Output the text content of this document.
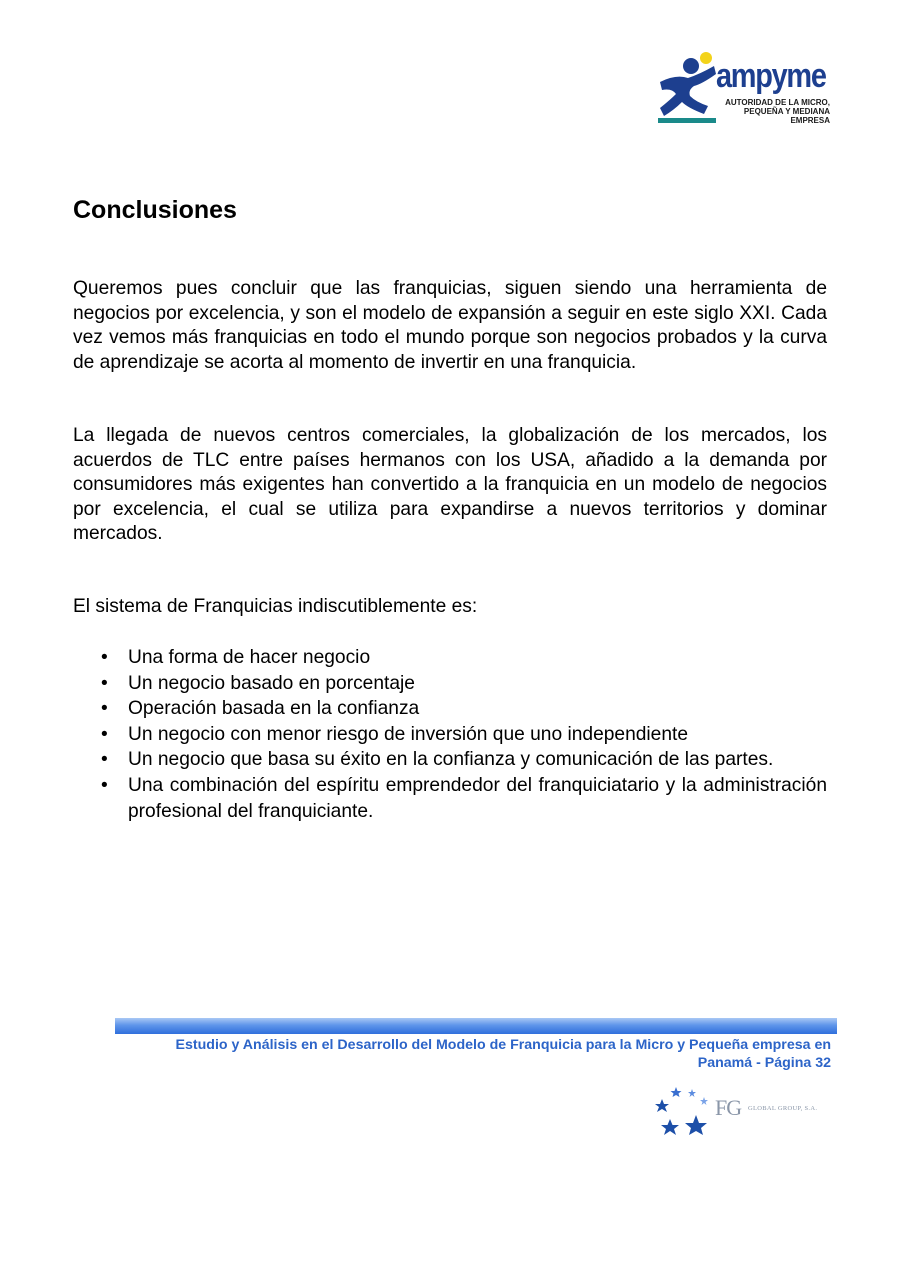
ampyme
AUTORIDAD DE LA MICRO,
PEQUEÑA Y MEDIANA EMPRESA
Conclusiones

Queremos pues concluir que las franquicias, siguen siendo una herramienta de negocios por excelencia, y son el modelo de expansión a seguir en este siglo XXI. Cada vez vemos más franquicias en todo el mundo porque son negocios probados y la curva de aprendizaje se acorta al momento de invertir en una franquicia.

La llegada de nuevos centros comerciales, la globalización de los mercados, los acuerdos de TLC entre países hermanos con los USA, añadido a la demanda por consumidores más exigentes han convertido a la franquicia en un modelo de negocios por excelencia, el cual se utiliza para expandirse a nuevos territorios y dominar mercados.

El sistema de Franquicias indiscutiblemente es:

• Una forma de hacer negocio
• Un negocio basado en porcentaje
• Operación basada en la confianza
• Un negocio con menor riesgo de inversión que uno independiente
• Un negocio que basa su éxito en la confianza y comunicación de las partes.
• Una combinación del espíritu emprendedor del franquiciatario y la administración profesional del franquiciante.
Estudio y Análisis en el Desarrollo del Modelo de Franquicia para la Micro y Pequeña empresa en
Panamá - Página 32
FG GLOBAL GROUP, S.A.
